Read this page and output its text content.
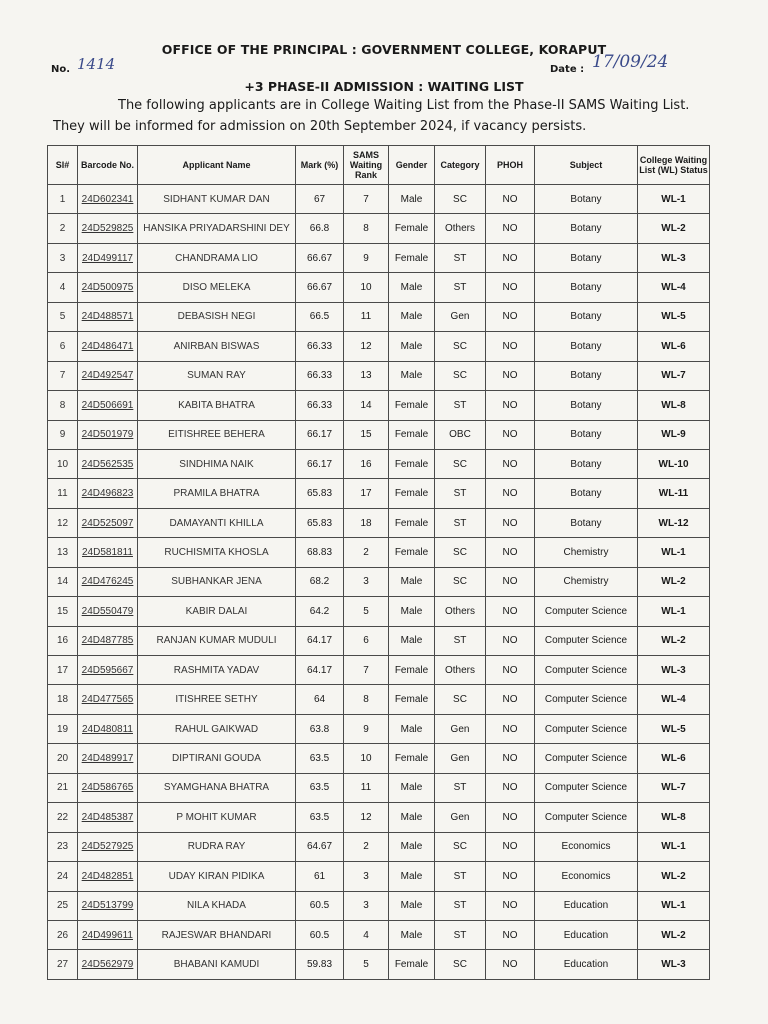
OFFICE OF THE PRINCIPAL : GOVERNMENT COLLEGE, KORAPUT
No. 1414	Date : 17/09/24
+3 PHASE-II ADMISSION : WAITING LIST
The following applicants are in College Waiting List from the Phase-II SAMS Waiting List.
They will be informed for admission on 20th September 2024, if vacancy persists.
Sl#	Barcode No.	Applicant Name	Mark (%)	SAMS Waiting Rank	Gender	Category	PHOH	Subject	College Waiting List (WL) Status
1	24D602341	SIDHANT KUMAR DAN	67	7	Male	SC	NO	Botany	WL-1
2	24D529825	HANSIKA PRIYADARSHINI DEY	66.8	8	Female	Others	NO	Botany	WL-2
3	24D499117	CHANDRAMA LIO	66.67	9	Female	ST	NO	Botany	WL-3
4	24D500975	DISO MELEKA	66.67	10	Male	ST	NO	Botany	WL-4
5	24D488571	DEBASISH NEGI	66.5	11	Male	Gen	NO	Botany	WL-5
6	24D486471	ANIRBAN BISWAS	66.33	12	Male	SC	NO	Botany	WL-6
7	24D492547	SUMAN RAY	66.33	13	Male	SC	NO	Botany	WL-7
8	24D506691	KABITA BHATRA	66.33	14	Female	ST	NO	Botany	WL-8
9	24D501979	EITISHREE BEHERA	66.17	15	Female	OBC	NO	Botany	WL-9
10	24D562535	SINDHIMA NAIK	66.17	16	Female	SC	NO	Botany	WL-10
11	24D496823	PRAMILA BHATRA	65.83	17	Female	ST	NO	Botany	WL-11
12	24D525097	DAMAYANTI KHILLA	65.83	18	Female	ST	NO	Botany	WL-12
13	24D581811	RUCHISMITA KHOSLA	68.83	2	Female	SC	NO	Chemistry	WL-1
14	24D476245	SUBHANKAR JENA	68.2	3	Male	SC	NO	Chemistry	WL-2
15	24D550479	KABIR DALAI	64.2	5	Male	Others	NO	Computer Science	WL-1
16	24D487785	RANJAN KUMAR MUDULI	64.17	6	Male	ST	NO	Computer Science	WL-2
17	24D595667	RASHMITA YADAV	64.17	7	Female	Others	NO	Computer Science	WL-3
18	24D477565	ITISHREE SETHY	64	8	Female	SC	NO	Computer Science	WL-4
19	24D480811	RAHUL GAIKWAD	63.8	9	Male	Gen	NO	Computer Science	WL-5
20	24D489917	DIPTIRANI GOUDA	63.5	10	Female	Gen	NO	Computer Science	WL-6
21	24D586765	SYAMGHANA BHATRA	63.5	11	Male	ST	NO	Computer Science	WL-7
22	24D485387	P MOHIT KUMAR	63.5	12	Male	Gen	NO	Computer Science	WL-8
23	24D527925	RUDRA RAY	64.67	2	Male	SC	NO	Economics	WL-1
24	24D482851	UDAY KIRAN PIDIKA	61	3	Male	ST	NO	Economics	WL-2
25	24D513799	NILA KHADA	60.5	3	Male	ST	NO	Education	WL-1
26	24D499611	RAJESWAR BHANDARI	60.5	4	Male	ST	NO	Education	WL-2
27	24D562979	BHABANI KAMUDI	59.83	5	Female	SC	NO	Education	WL-3
